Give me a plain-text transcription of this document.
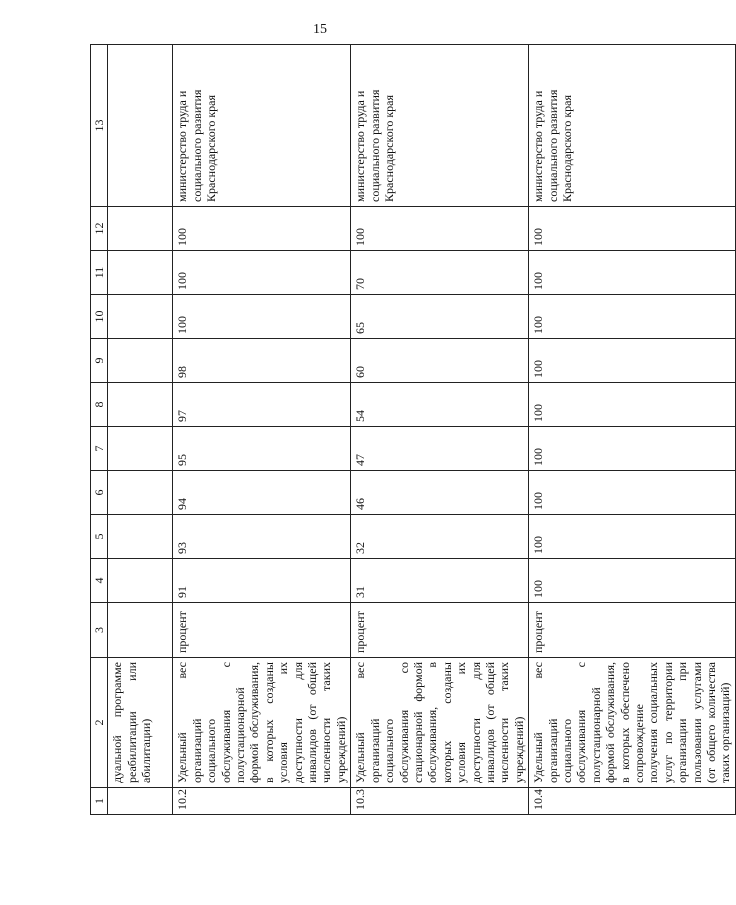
15
1	2	3	4	5	6	7	8	9	10	11	12	13
	дуальной программе реабилитации или абилитации)											
10.2	Удельный вес организаций социального обслуживания с полустационарной формой обслуживания, в которых созданы условия их доступности для инвалидов (от общей численности таких учреждений)	процент	91	93	94	95	97	98	100	100	100	министерство труда и социального развития Краснодарского края
10.3	Удельный вес организаций социального обслуживания со стационарной формой обслуживания, в которых созданы условия их доступности для инвалидов (от общей численности таких учреждений)	процент	31	32	46	47	54	60	65	70	100	министерство труда и социального развития Краснодарского края
10.4	Удельный вес организаций социального обслуживания с полустационарной формой обслуживания, в которых обеспечено сопровождение получения социальных услуг по территории организации при пользовании услугами (от общего количества таких организаций)	процент	100	100	100	100	100	100	100	100	100	министерство труда и социального развития Краснодарского края
